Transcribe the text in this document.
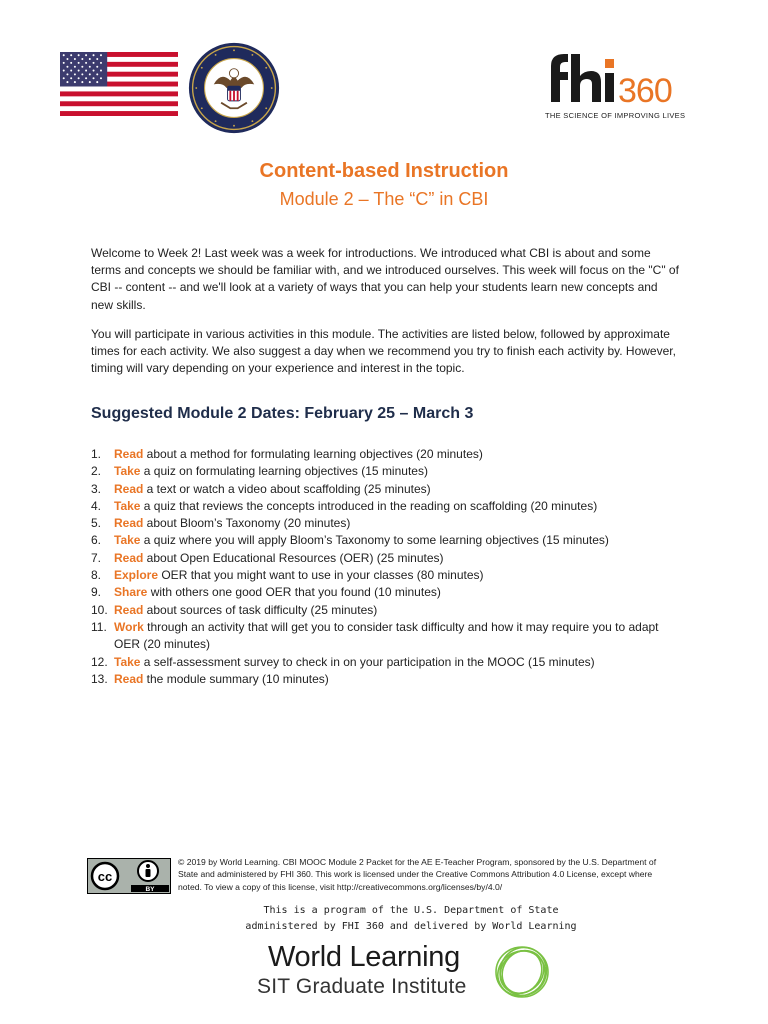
360
THE SCIENCE OF IMPROVING LIVES
Content-based Instruction
Module 2 – The “C” in CBI

Welcome to Week 2! Last week was a week for introductions. We introduced what CBI is about and some terms and concepts we should be familiar with, and we introduced ourselves. This week will focus on the "C" of CBI -- content -- and we'll look at a variety of ways that you can help your students learn new concepts and new skills.

You will participate in various activities in this module. The activities are listed below, followed by approximate times for each activity. We also suggest a day when we recommend you try to finish each activity by. However, timing will vary depending on your experience and interest in the topic.

Suggested Module 2 Dates: February 25 – March 3
1. Read about a method for formulating learning objectives (20 minutes)
2. Take a quiz on formulating learning objectives (15 minutes)
3. Read a text or watch a video about scaffolding (25 minutes)
4. Take a quiz that reviews the concepts introduced in the reading on scaffolding (20 minutes)
5. Read about Bloom’s Taxonomy (20 minutes)
6. Take a quiz where you will apply Bloom’s Taxonomy to some learning objectives (15 minutes)
7. Read about Open Educational Resources (OER) (25 minutes)
8. Explore OER that you might want to use in your classes (80 minutes)
9. Share with others one good OER that you found (10 minutes)
10. Read about sources of task difficulty (25 minutes)
11. Work through an activity that will get you to consider task difficulty and how it may require you to adapt OER (20 minutes)
12. Take a self-assessment survey to check in on your participation in the MOOC (15 minutes)
13. Read the module summary (10 minutes)
cc
BY

© 2019 by World Learning. CBI MOOC Module 2 Packet for the AE E-Teacher Program, sponsored by the U.S. Department of State and administered by FHI 360. This work is licensed under the Creative Commons Attribution 4.0 License, except where noted. To view a copy of this license, visit http://creativecommons.org/licenses/by/4.0/

This is a program of the U.S. Department of State
administered by FHI 360 and delivered by World Learning
World Learning
SIT Graduate Institute
